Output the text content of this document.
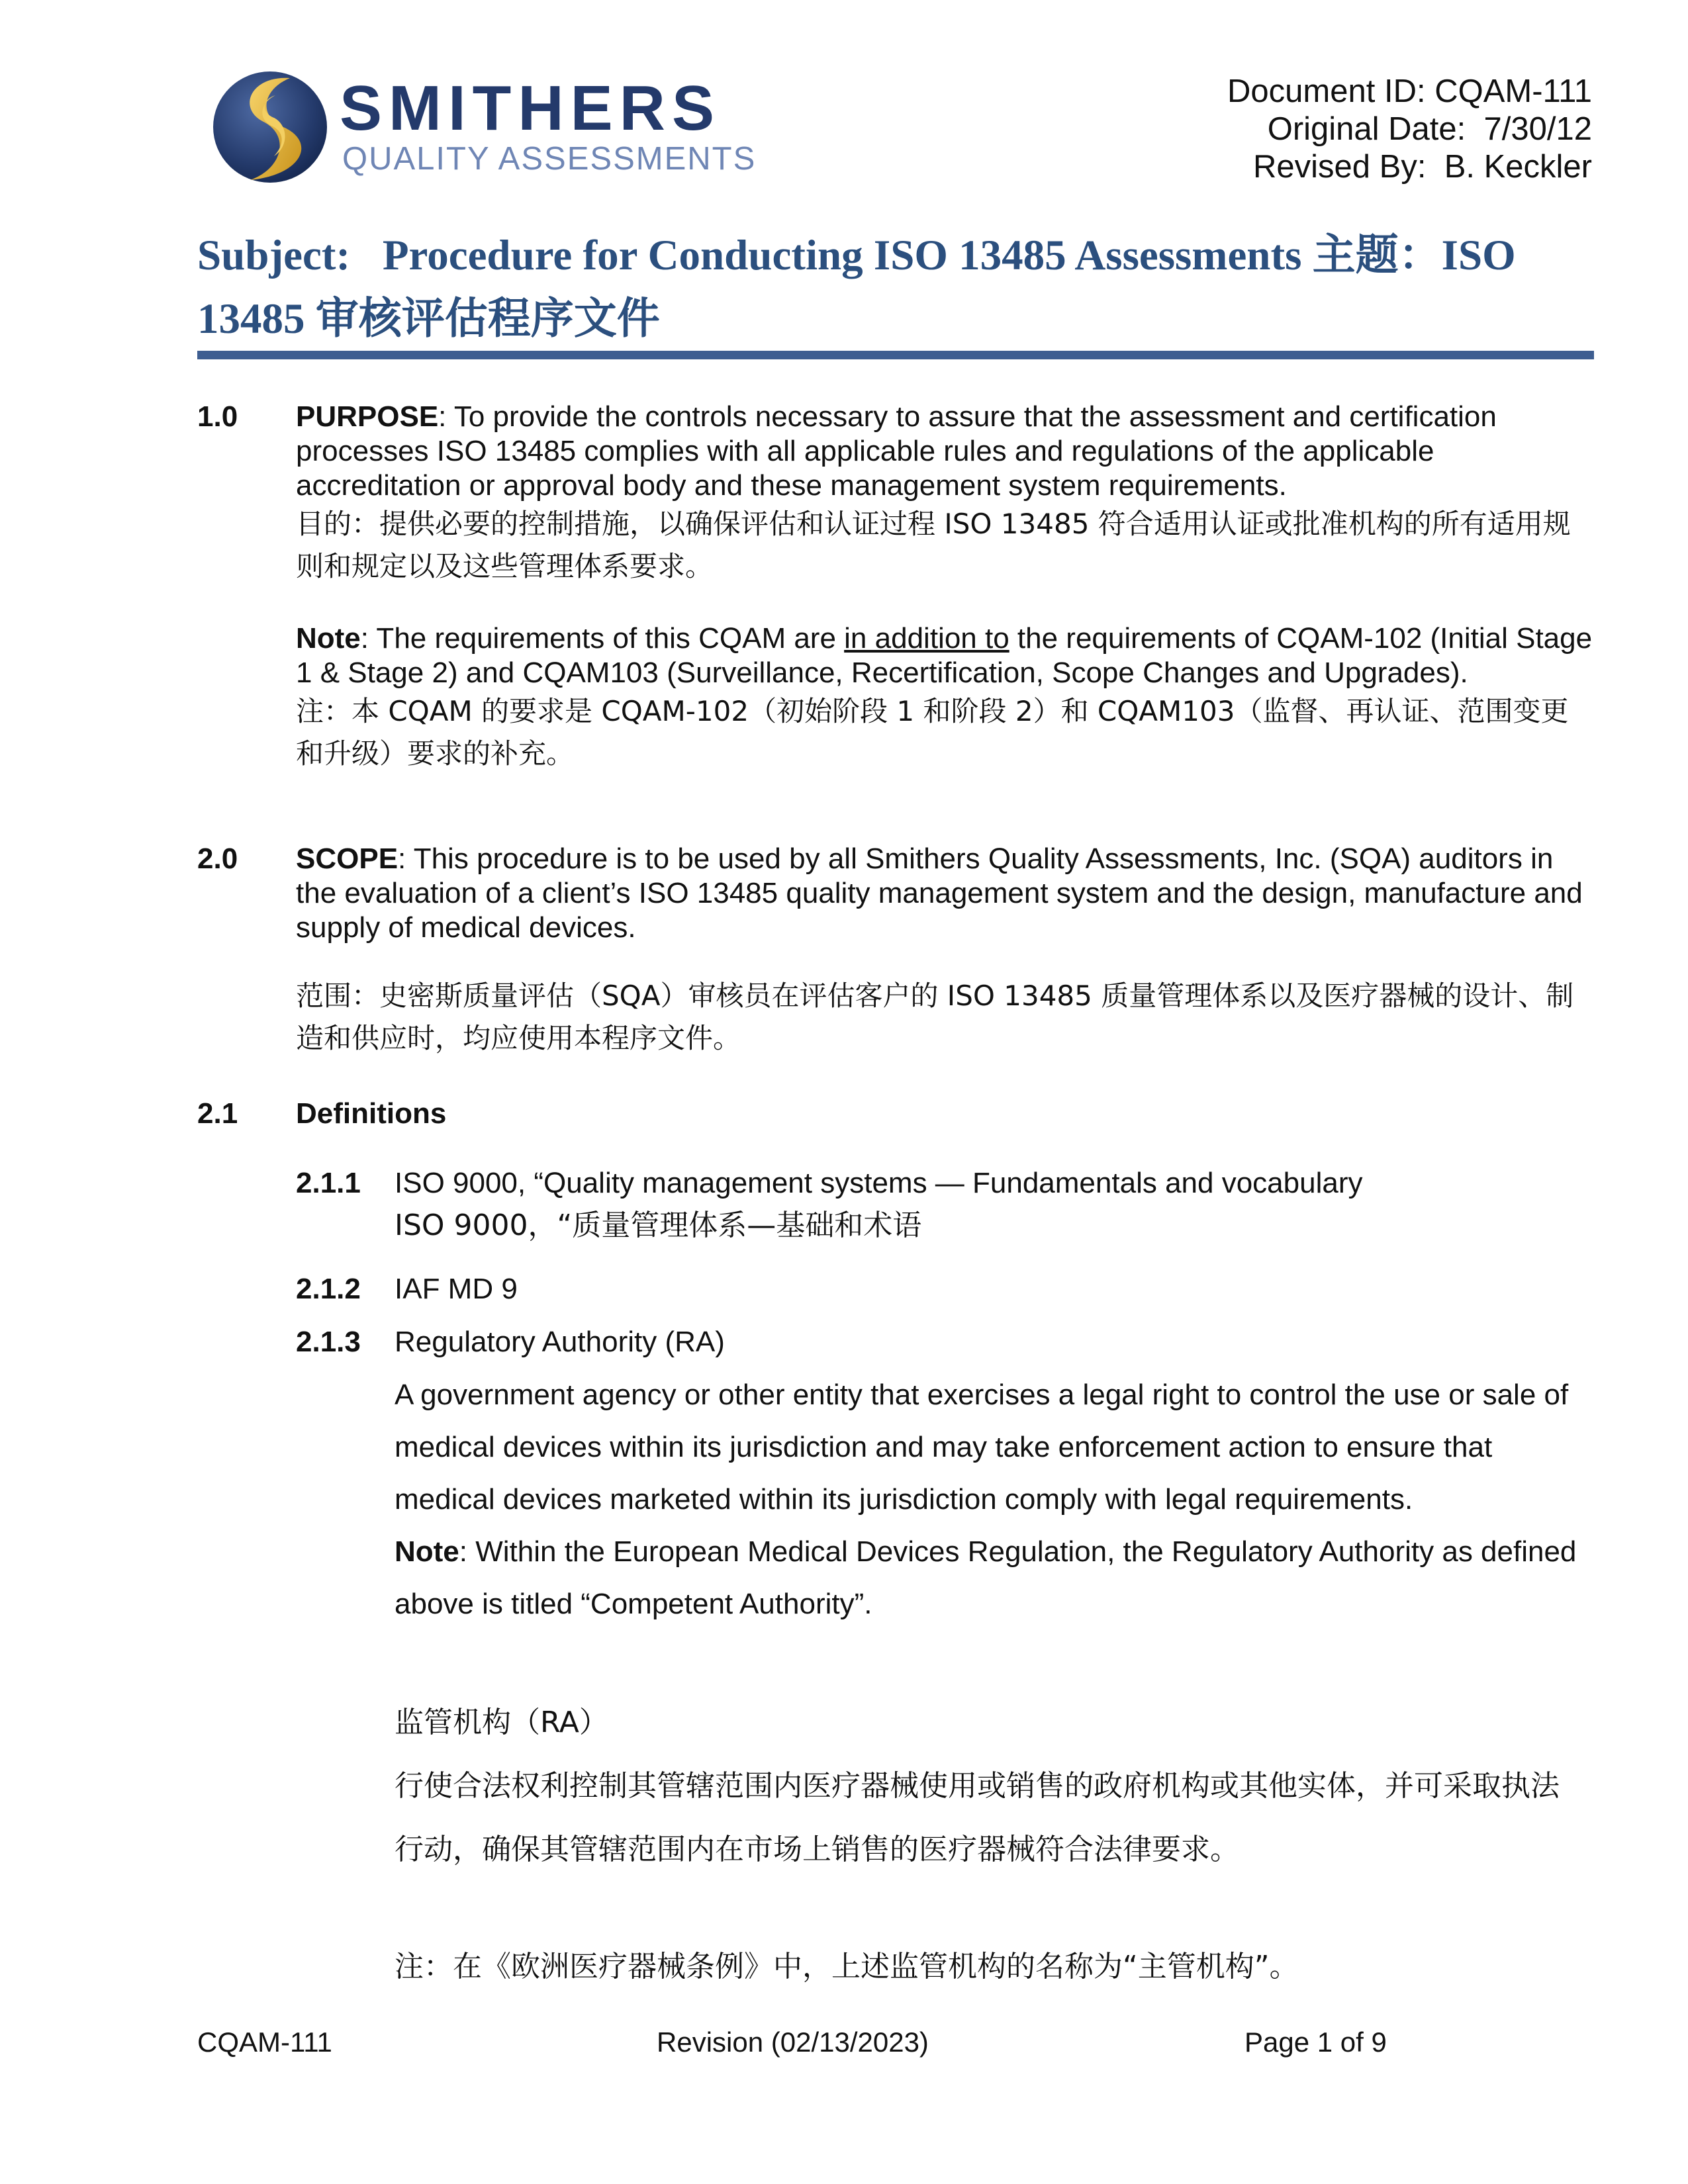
SMITHERS
QUALITY ASSESSMENTS
Document ID: CQAM-111
Original Date:  7/30/12
Revised By:  B. Keckler
Subject: Procedure for Conducting ISO 13485 Assessments 主题：ISO 13485 审核评估程序文件
1.0 PURPOSE: To provide the controls necessary to assure that the assessment and certification processes ISO 13485 complies with all applicable rules and regulations of the applicable accreditation or approval body and these management system requirements.

目的：提供必要的控制措施，以确保评估和认证过程 ISO 13485 符合适用认证或批准机构的所有适用规则和规定以及这些管理体系要求。

Note: The requirements of this CQAM are in addition to the requirements of CQAM-102 (Initial Stage 1 & Stage 2) and CQAM103 (Surveillance, Recertification, Scope Changes and Upgrades).

注：本 CQAM 的要求是 CQAM-102（初始阶段 1 和阶段 2）和 CQAM103（监督、再认证、范围变更和升级）要求的补充。

2.0 SCOPE: This procedure is to be used by all Smithers Quality Assessments, Inc. (SQA) auditors in the evaluation of a client’s ISO 13485 quality management system and the design, manufacture and supply of medical devices.

范围：史密斯质量评估（SQA）审核员在评估客户的 ISO 13485 质量管理体系以及医疗器械的设计、制造和供应时，均应使用本程序文件。
2.1 Definitions
2.1.1 ISO 9000, “Quality management systems — Fundamentals and vocabulary
ISO 9000，“质量管理体系—基础和术语
2.1.2 IAF MD 9
2.1.3 Regulatory Authority (RA)

A government agency or other entity that exercises a legal right to control the use or sale of medical devices within its jurisdiction and may take enforcement action to ensure that medical devices marketed within its jurisdiction comply with legal requirements.

Note: Within the European Medical Devices Regulation, the Regulatory Authority as defined above is titled “Competent Authority”.

监管机构（RA）

行使合法权利控制其管辖范围内医疗器械使用或销售的政府机构或其他实体，并可采取执法行动，确保其管辖范围内在市场上销售的医疗器械符合法律要求。

注：在《欧洲医疗器械条例》中，上述监管机构的名称为“主管机构”。
CQAM-111	Revision (02/13/2023)	Page 1 of 9
